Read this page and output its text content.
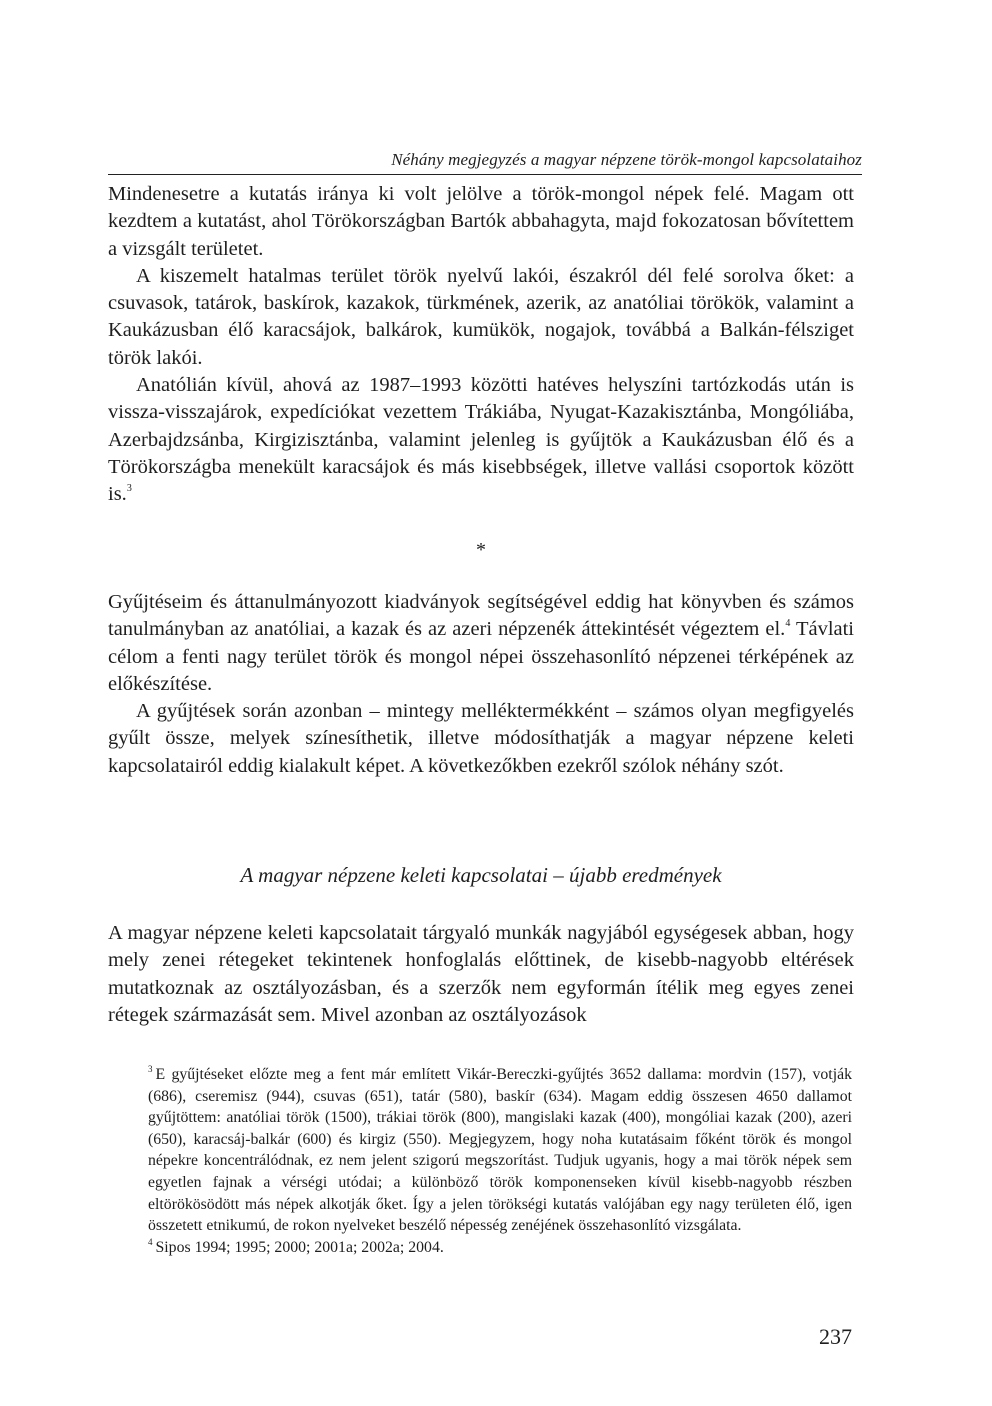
Néhány megjegyzés a magyar népzene török-mongol kapcsolataihoz

Mindenesetre a kutatás iránya ki volt jelölve a török-mongol népek felé. Magam ott kezdtem a kutatást, ahol Törökországban Bartók abbahagyta, majd fokozatosan bővítettem a vizsgált területet.

A kiszemelt hatalmas terület török nyelvű lakói, északról dél felé sorolva őket: a csuvasok, tatárok, baskírok, kazakok, türkmének, azerik, az anatóliai törökök, valamint a Kaukázusban élő karacsájok, balkárok, kumükök, nogajok, továbbá a Balkán-félsziget török lakói.

Anatólián kívül, ahová az 1987–1993 közötti hatéves helyszíni tartózkodás után is vissza-visszajárok, expedíciókat vezettem Trákiába, Nyugat-Kazakisztánba, Mongóliába, Azerbajdzsánba, Kirgizisztánba, valamint jelenleg is gyűjtök a Kaukázusban élő és a Törökországba menekült karacsájok és más kisebbségek, illetve vallási csoportok között is.$^3$

*

Gyűjtéseim és áttanulmányozott kiadványok segítségével eddig hat könyvben és számos tanulmányban az anatóliai, a kazak és az azeri népzenék áttekintését végeztem el.$^4$ Távlati célom a fenti nagy terület török és mongol népei összehasonlító népzenei térképének az előkészítése.

A gyűjtések során azonban – mintegy melléktermékként – számos olyan megfigyelés gyűlt össze, melyek színesíthetik, illetve módosíthatják a magyar népzene keleti kapcsolatairól eddig kialakult képet. A következőkben ezekről szólok néhány szót.

A magyar népzene keleti kapcsolatai – újabb eredmények

A magyar népzene keleti kapcsolatait tárgyaló munkák nagyjából egységesek abban, hogy mely zenei rétegeket tekintenek honfoglalás előttinek, de kisebb-nagyobb eltérések mutatkoznak az osztályozásban, és a szerzők nem egyformán ítélik meg egyes zenei rétegek származását sem. Mivel azonban az osztályozások

$^3$ E gyűjtéseket előzte meg a fent már említett Vikár-Bereczki-gyűjtés 3652 dallama: mordvin (157), votják (686), cseremisz (944), csuvas (651), tatár (580), baskír (634). Magam eddig összesen 4650 dallamot gyűjtöttem: anatóliai török (1500), trákiai török (800), mangislaki kazak (400), mongóliai kazak (200), azeri (650), karacsáj-balkár (600) és kirgiz (550). Megjegyzem, hogy noha kutatásaim főként török és mongol népekre koncentrálódnak, ez nem jelent szigorú megszorítást. Tudjuk ugyanis, hogy a mai török népek sem egyetlen fajnak a vérségi utódai; a különböző török komponenseken kívül kisebb-nagyobb részben eltörökösödött más népek alkotják őket. Így a jelen törökségi kutatás valójában egy nagy területen élő, igen összetett etnikumú, de rokon nyelveket beszélő népesség zenéjének összehasonlító vizsgálata.

$^4$ Sipos 1994; 1995; 2000; 2001a; 2002a; 2004.

237
